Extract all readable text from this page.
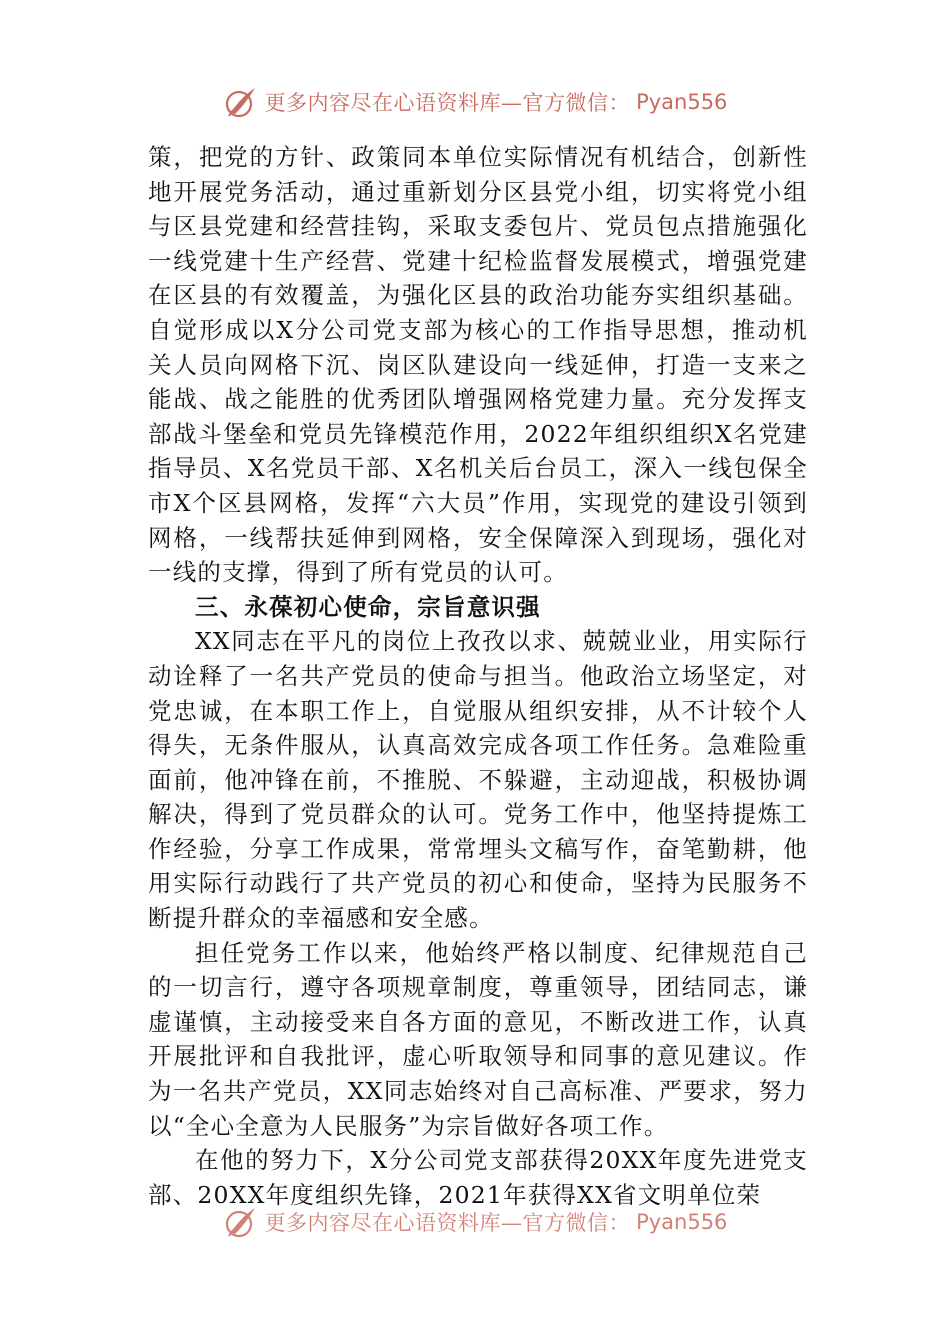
更多内容尽在心语资料库—官方微信： Pyan556

策，把党的方针、政策同本单位实际情况有机结合，创新性地开展党务活动，通过重新划分区县党小组，切实将党小组与区县党建和经营挂钩，采取支委包片、党员包点措施强化一线党建十生产经营、党建十纪检监督发展模式，增强党建在区县的有效覆盖，为强化区县的政治功能夯实组织基础。自觉形成以X分公司党支部为核心的工作指导思想，推动机关人员向网格下沉、岗区队建设向一线延伸，打造一支来之能战、战之能胜的优秀团队增强网格党建力量。充分发挥支部战斗堡垒和党员先锋模范作用，2022年组织组织X名党建指导员、X名党员干部、X名机关后台员工，深入一线包保全市X个区县网格，发挥“六大员”作用，实现党的建设引领到网格，一线帮扶延伸到网格，安全保障深入到现场，强化对一线的支撑，得到了所有党员的认可。

三、永葆初心使命，宗旨意识强

XX同志在平凡的岗位上孜孜以求、兢兢业业，用实际行动诠释了一名共产党员的使命与担当。他政治立场坚定，对党忠诚，在本职工作上，自觉服从组织安排，从不计较个人得失，无条件服从，认真高效完成各项工作任务。急难险重面前，他冲锋在前，不推脱、不躲避，主动迎战，积极协调解决，得到了党员群众的认可。党务工作中，他坚持提炼工作经验，分享工作成果，常常埋头文稿写作，奋笔勤耕，他用实际行动践行了共产党员的初心和使命，坚持为民服务不断提升群众的幸福感和安全感。

担任党务工作以来，他始终严格以制度、纪律规范自己的一切言行，遵守各项规章制度，尊重领导，团结同志，谦虚谨慎，主动接受来自各方面的意见，不断改进工作，认真开展批评和自我批评，虚心听取领导和同事的意见建议。作为一名共产党员，XX同志始终对自己高标准、严要求，努力以“全心全意为人民服务”为宗旨做好各项工作。

在他的努力下，X分公司党支部获得20XX年度先进党支部、20XX年度组织先锋，2021年获得XX省文明单位荣

更多内容尽在心语资料库—官方微信： Pyan556
